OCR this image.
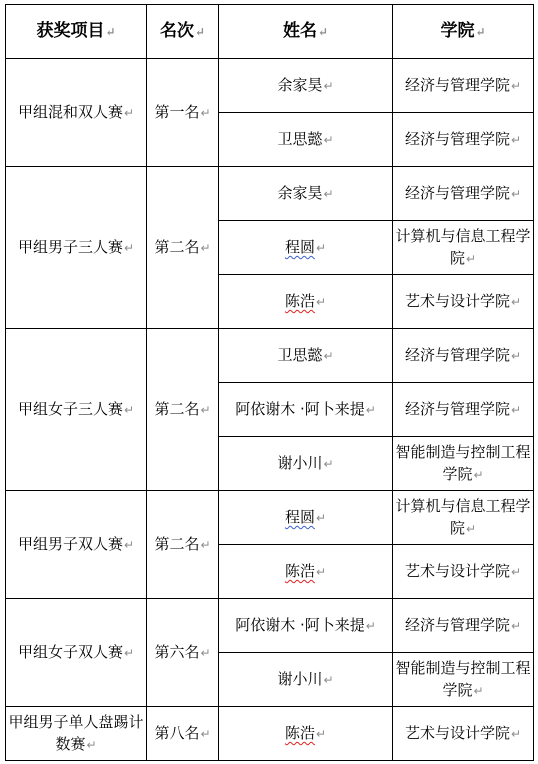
获奖项目↵	名次↵	姓名↵	学院↵
甲组混和双人赛↵	第一名↵	余家昊↵	经济与管理学院↵
		卫思懿↵	经济与管理学院↵
甲组男子三人赛↵	第二名↵	余家昊↵	经济与管理学院↵
		程圆↵	计算机与信息工程学院↵
		陈浩↵	艺术与设计学院↵
甲组女子三人赛↵	第二名↵	卫思懿↵	经济与管理学院↵
		阿依谢木 ·阿卜来提↵	经济与管理学院↵
		谢小川↵	智能制造与控制工程学院↵
甲组男子双人赛↵	第二名↵	程圆↵	计算机与信息工程学院↵
		陈浩↵	艺术与设计学院↵
甲组女子双人赛↵	第六名↵	阿依谢木 ·阿卜来提↵	经济与管理学院↵
		谢小川↵	智能制造与控制工程学院↵
甲组男子单人盘踢计数赛↵	第八名↵	陈浩↵	艺术与设计学院↵
